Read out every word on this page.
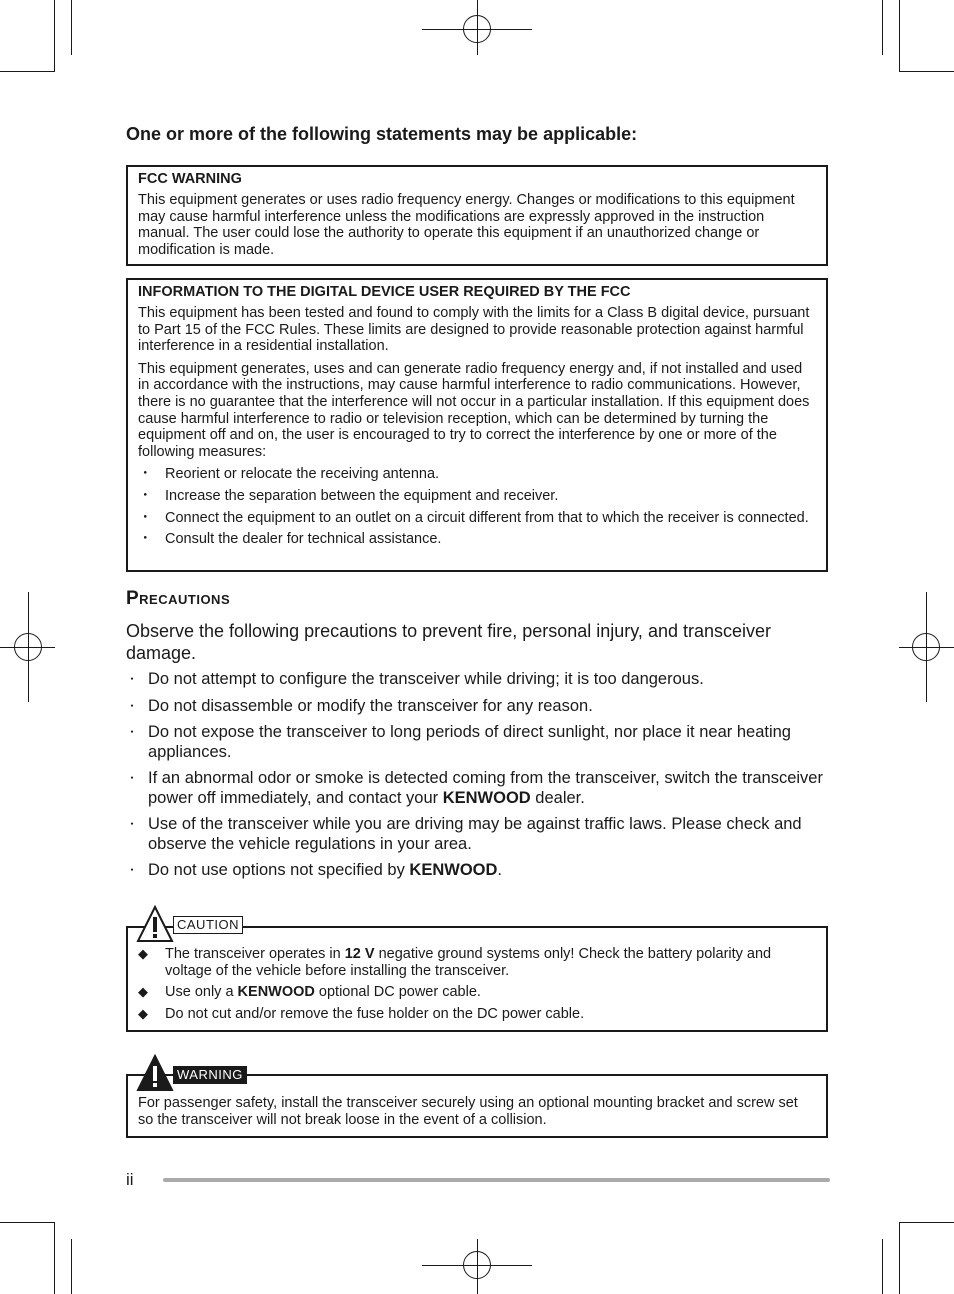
One or more of the following statements may be applicable:
FCC WARNING

This equipment generates or uses radio frequency energy. Changes or modifications to this equipment may cause harmful interference unless the modifications are expressly approved in the instruction manual. The user could lose the authority to operate this equipment if an unauthorized change or modification is made.

INFORMATION TO THE DIGITAL DEVICE USER REQUIRED BY THE FCC

This equipment has been tested and found to comply with the limits for a Class B digital device, pursuant to Part 15 of the FCC Rules. These limits are designed to provide reasonable protection against harmful interference in a residential installation.

This equipment generates, uses and can generate radio frequency energy and, if not installed and used in accordance with the instructions, may cause harmful interference to radio communications. However, there is no guarantee that the interference will not occur in a particular installation. If this equipment does cause harmful interference to radio or television reception, which can be determined by turning the equipment off and on, the user is encouraged to try to correct the interference by one or more of the following measures:

・ Reorient or relocate the receiving antenna.
・ Increase the separation between the equipment and receiver.
・ Connect the equipment to an outlet on a circuit different from that to which the receiver is connected.
・ Consult the dealer for technical assistance.
Precautions
Observe the following precautions to prevent fire, personal injury, and transceiver damage.
・ Do not attempt to configure the transceiver while driving; it is too dangerous.
・ Do not disassemble or modify the transceiver for any reason.
・ Do not expose the transceiver to long periods of direct sunlight, nor place it near heating appliances.
・ If an abnormal odor or smoke is detected coming from the transceiver, switch the transceiver power off immediately, and contact your KENWOOD dealer.
・ Use of the transceiver while you are driving may be against traffic laws. Please check and observe the vehicle regulations in your area.
・ Do not use options not specified by KENWOOD.
◆ The transceiver operates in 12 V negative ground systems only! Check the battery polarity and voltage of the vehicle before installing the transceiver.
◆ Use only a KENWOOD optional DC power cable.
◆ Do not cut and/or remove the fuse holder on the DC power cable.
CAUTION

For passenger safety, install the transceiver securely using an optional mounting bracket and screw set so the transceiver will not break loose in the event of a collision.

WARNING
ii
